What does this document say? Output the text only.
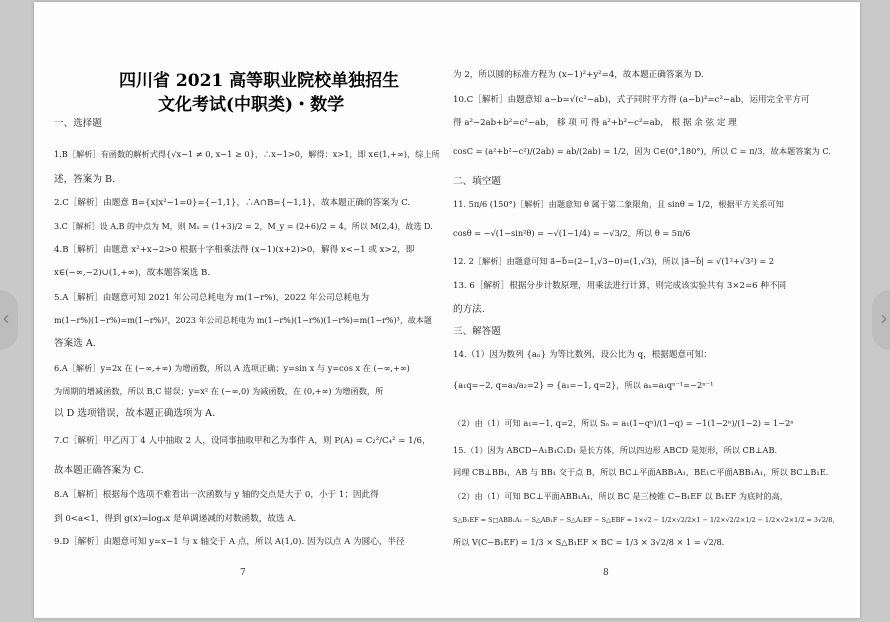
四川省 2021 高等职业院校单独招生
文化考试(中职类)・数学
一、选择题
1.B［解析］有函数的解析式得{√x−1 ≠ 0, x−1 ≥ 0}，∴x−1>0，解得：x>1，即 x∈(1,+∞)，综上所
述，答案为 B.
2.C［解析］由题意 B={x|x²−1=0}={−1,1}，∴A∩B={−1,1}，故本题正确的答案为 C.
3.C［解析］设 A,B 的中点为 M，则 Mₓ = (1+3)/2 = 2，M_y = (2+6)/2 = 4，所以 M(2,4)，故选 D.
4.B［解析］由题意 x²+x−2>0 根据十字相乘法得 (x−1)(x+2)>0，解得 x<−1 或 x>2，即
x∈(−∞,−2)∪(1,+∞)，故本题答案选 B.
5.A［解析］由题意可知 2021 年公司总耗电为 m(1−r%)，2022 年公司总耗电为
m(1−r%)(1−r%)=m(1−r%)²，2023 年公司总耗电为 m(1−r%)(1−r%)(1−r%)=m(1−r%)³，故本题
答案选 A.
6.A［解析］y=2x 在 (−∞,+∞) 为增函数，所以 A 选项正确；y=sin x 与 y=cos x 在 (−∞,+∞)
为周期的增减函数，所以 B,C 错误；y=x² 在 (−∞,0) 为减函数，在 (0,+∞) 为增函数，所
以 D 选项错误，故本题正确选项为 A.
7.C［解析］甲乙丙丁 4 人中抽取 2 人，设同事抽取甲和乙为事件 A，则 P(A) = C₂²/C₄² = 1/6，
故本题正确答案为 C.
8.A［解析］根据每个选项不难看出一次函数与 y 轴的交点是大于 0，小于 1；因此得
到 0<a<1，得到 g(x)=logₐx 是单调递减的对数函数，故选 A.
9.D［解析］由题意可知 y=x−1 与 x 轴交于 A 点，所以 A(1,0). 因为以点 A 为圆心，半径
7
为 2，所以圆的标准方程为 (x−1)²+y²=4，故本题正确答案为 D.
10.C［解析］由题意知 a−b=√(c²−ab)，式子同时平方得 (a−b)²=c²−ab，运用完全平方可
得 a²−2ab+b²=c²−ab， 移 项 可 得 a²+b²−c²=ab， 根 据 余 弦 定 理
cosC = (a²+b²−c²)/(2ab) = ab/(2ab) = 1/2，因为 C∈(0°,180°)，所以 C = π/3，故本题答案为 C.
二、填空题
11. 5π/6 (150°)［解析］由题意知 θ 属于第二象限角，且 sinθ = 1/2，根据平方关系可知
cosθ = −√(1−sin²θ) = −√(1−1/4) = −√3/2，所以 θ = 5π/6
12. 2［解析］由题意可知 a⃗−b⃗=(2−1,√3−0)=(1,√3)，所以 |a⃗−b⃗| = √(1²+√3²) = 2
13. 6［解析］根据分步计数原理，用乘法进行计算，则完成该实验共有 3×2=6 种不同
的方法.
三、解答题
14.（1）因为数列 {aₙ} 为等比数列，设公比为 q，根据题意可知：
{a₁q=−2, q=a₃/a₂=2} ⇒ {a₁=−1, q=2}，所以 aₙ=a₁qⁿ⁻¹=−2ⁿ⁻¹
（2）由（1）可知 a₁=−1, q=2，所以 Sₙ = a₁(1−qⁿ)/(1−q) = −1(1−2ⁿ)/(1−2) = 1−2ⁿ
15.（1）因为 ABCD−A₁B₁C₁D₁ 是长方体，所以四边形 ABCD 是矩形，所以 CB⊥AB.
同理 CB⊥BB₁，AB 与 BB₁ 交于点 B，所以 BC⊥平面ABB₁A₁，BE₁⊂平面ABB₁A₁，所以 BC⊥B₁E.
（2）由（1）可知 BC⊥平面ABB₁A₁，所以 BC 是三棱锥 C−B₁EF 以 B₁EF 为底时的高，
S△B₁EF = S□ABB₁A₁ − S△AB₁F − S△A₁EF − S△EBF = 1×√2 − 1/2×√2/2×1 − 1/2×√2/2×1/2 − 1/2×√2×1/2 = 3√2/8，
所以 V(C−B₁EF) = 1/3 × S△B₁EF × BC = 1/3 × 3√2/8 × 1 = √2/8.
8
‹	›
